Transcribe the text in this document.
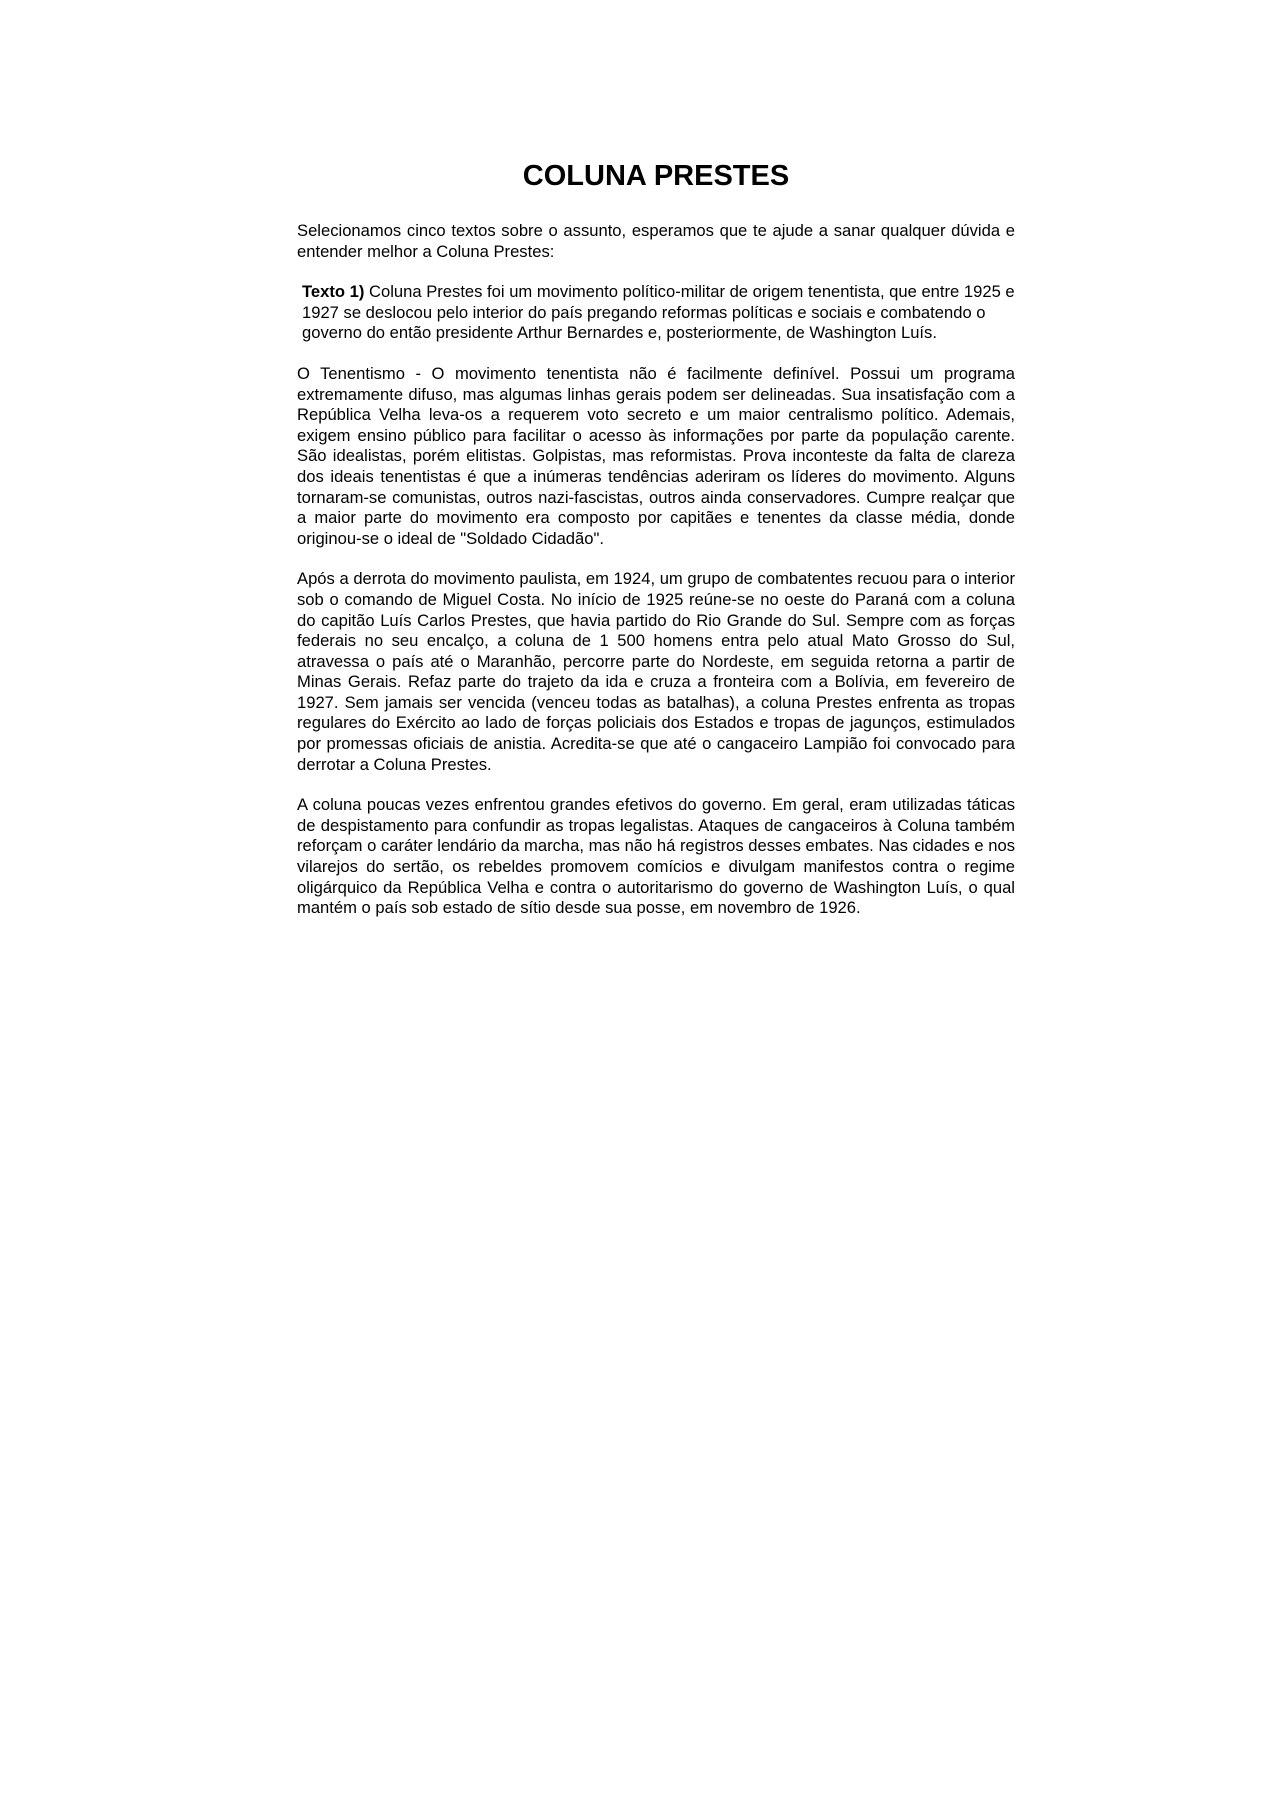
COLUNA PRESTES

Selecionamos cinco textos sobre o assunto, esperamos que te ajude a sanar qualquer dúvida e entender melhor a Coluna Prestes:

Texto 1) Coluna Prestes foi um movimento político-militar de origem tenentista, que entre 1925 e 1927 se deslocou pelo interior do país pregando reformas políticas e sociais e combatendo o governo do então presidente Arthur Bernardes e, posteriormente, de Washington Luís.

O Tenentismo - O movimento tenentista não é facilmente definível. Possui um programa extremamente difuso, mas algumas linhas gerais podem ser delineadas. Sua insatisfação com a República Velha leva-os a requerem voto secreto e um maior centralismo político. Ademais, exigem ensino público para facilitar o acesso às informações por parte da população carente. São idealistas, porém elitistas. Golpistas, mas reformistas. Prova inconteste da falta de clareza dos ideais tenentistas é que a inúmeras tendências aderiram os líderes do movimento. Alguns tornaram-se comunistas, outros nazi-fascistas, outros ainda conservadores. Cumpre realçar que a maior parte do movimento era composto por capitães e tenentes da classe média, donde originou-se o ideal de "Soldado Cidadão".

Após a derrota do movimento paulista, em 1924, um grupo de combatentes recuou para o interior sob o comando de Miguel Costa. No início de 1925 reúne-se no oeste do Paraná com a coluna do capitão Luís Carlos Prestes, que havia partido do Rio Grande do Sul. Sempre com as forças federais no seu encalço, a coluna de 1 500 homens entra pelo atual Mato Grosso do Sul, atravessa o país até o Maranhão, percorre parte do Nordeste, em seguida retorna a partir de Minas Gerais. Refaz parte do trajeto da ida e cruza a fronteira com a Bolívia, em fevereiro de 1927. Sem jamais ser vencida (venceu todas as batalhas), a coluna Prestes enfrenta as tropas regulares do Exército ao lado de forças policiais dos Estados e tropas de jagunços, estimulados por promessas oficiais de anistia. Acredita-se que até o cangaceiro Lampião foi convocado para derrotar a Coluna Prestes.

A coluna poucas vezes enfrentou grandes efetivos do governo. Em geral, eram utilizadas táticas de despistamento para confundir as tropas legalistas. Ataques de cangaceiros à Coluna também reforçam o caráter lendário da marcha, mas não há registros desses embates. Nas cidades e nos vilarejos do sertão, os rebeldes promovem comícios e divulgam manifestos contra o regime oligárquico da República Velha e contra o autoritarismo do governo de Washington Luís, o qual mantém o país sob estado de sítio desde sua posse, em novembro de 1926.
